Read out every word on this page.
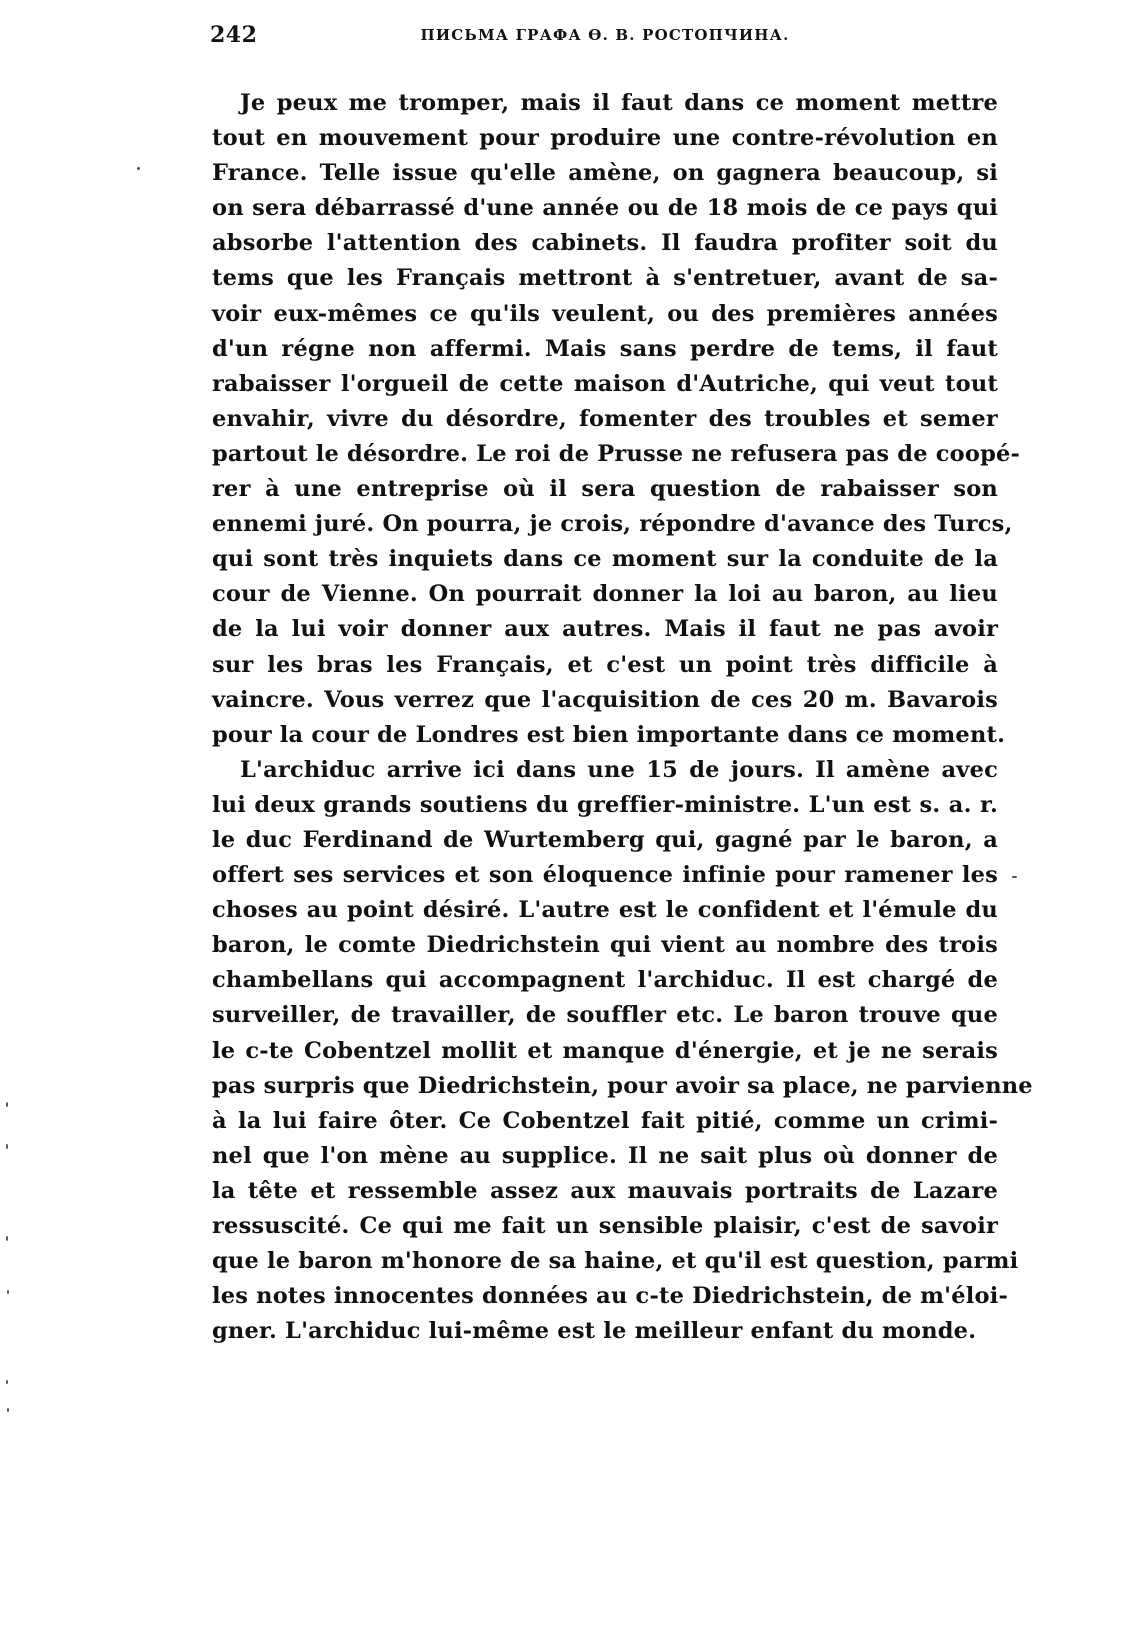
242	ПИСЬМА ГРАФА Ѳ. В. РОСТОПЧИНА.
Je peux me tromper, mais il faut dans ce moment mettre
tout en mouvement pour produire une contre-révolution en
France. Telle issue qu'elle amène, on gagnera beaucoup, si
on sera débarrassé d'une année ou de 18 mois de ce pays qui
absorbe l'attention des cabinets. Il faudra profiter soit du
tems que les Français mettront à s'entretuer, avant de sa-
voir eux-mêmes ce qu'ils veulent, ou des premières années
d'un régne non affermi. Mais sans perdre de tems, il faut
rabaisser l'orgueil de cette maison d'Autriche, qui veut tout
envahir, vivre du désordre, fomenter des troubles et semer
partout le désordre. Le roi de Prusse ne refusera pas de coopé-
rer à une entreprise où il sera question de rabaisser son
ennemi juré. On pourra, je crois, répondre d'avance des Turcs,
qui sont très inquiets dans ce moment sur la conduite de la
cour de Vienne. On pourrait donner la loi au baron, au lieu
de la lui voir donner aux autres. Mais il faut ne pas avoir
sur les bras les Français, et c'est un point très difficile à
vaincre. Vous verrez que l'acquisition de ces 20 m. Bavarois
pour la cour de Londres est bien importante dans ce moment.
L'archiduc arrive ici dans une 15 de jours. Il amène avec
lui deux grands soutiens du greffier-ministre. L'un est s. a. r.
le duc Ferdinand de Wurtemberg qui, gagné par le baron, a
offert ses services et son éloquence infinie pour ramener les
choses au point désiré. L'autre est le confident et l'émule du
baron, le comte Diedrichstein qui vient au nombre des trois
chambellans qui accompagnent l'archiduc. Il est chargé de
surveiller, de travailler, de souffler etc. Le baron trouve que
le c-te Cobentzel mollit et manque d'énergie, et je ne serais
pas surpris que Diedrichstein, pour avoir sa place, ne parvienne
à la lui faire ôter. Ce Cobentzel fait pitié, comme un crimi-
nel que l'on mène au supplice. Il ne sait plus où donner de
la tête et ressemble assez aux mauvais portraits de Lazare
ressuscité. Ce qui me fait un sensible plaisir, c'est de savoir
que le baron m'honore de sa haine, et qu'il est question, parmi
les notes innocentes données au c-te Diedrichstein, de m'éloi-
gner. L'archiduc lui-même est le meilleur enfant du monde.
